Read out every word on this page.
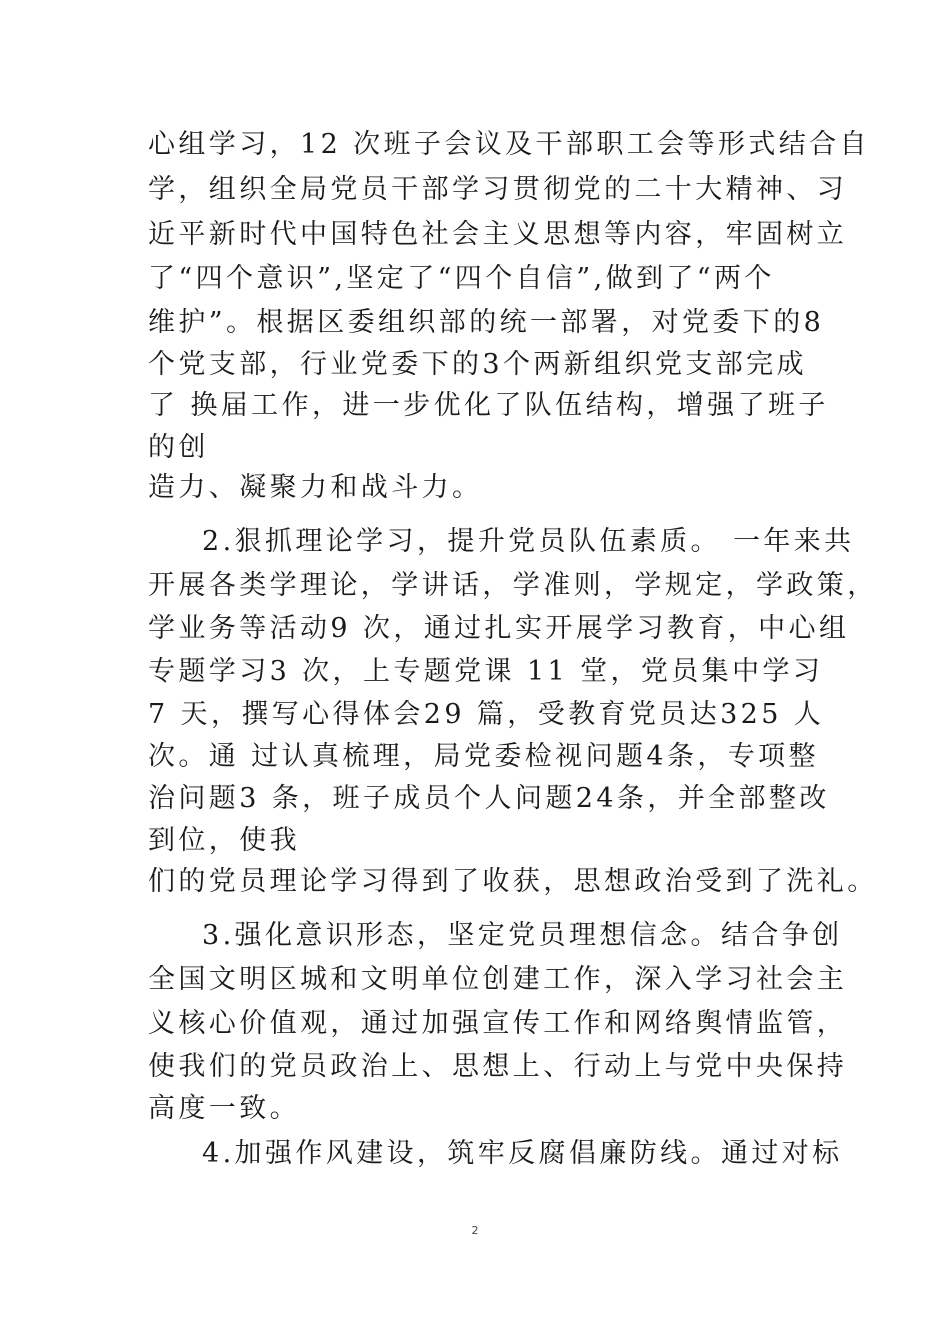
心组学习，12 次班子会议及干部职工会等形式结合自
学，组织全局党员干部学习贯彻党的二十大精神、习
近平新时代中国特色社会主义思想等内容，牢固树立
了“四个意识”,坚定了“四个自信”,做到了“两个
维护”。根据区委组织部的统一部署，对党委下的8
个党支部，行业党委下的3个两新组织党支部完成
了 换届工作，进一步优化了队伍结构，增强了班子
的创
造力、凝聚力和战斗力。
2.狠抓理论学习，提升党员队伍素质。 一年来共
开展各类学理论，学讲话，学准则，学规定，学政策，
学业务等活动9 次，通过扎实开展学习教育，中心组
专题学习3 次，上专题党课 11 堂，党员集中学习
7 天，撰写心得体会29 篇，受教育党员达325 人
次。通 过认真梳理，局党委检视问题4条，专项整
治问题3 条，班子成员个人问题24条，并全部整改
到位，使我
们的党员理论学习得到了收获，思想政治受到了洗礼。
3.强化意识形态，坚定党员理想信念。结合争创
全国文明区城和文明单位创建工作，深入学习社会主
义核心价值观，通过加强宣传工作和网络舆情监管，
使我们的党员政治上、思想上、行动上与党中央保持
高度一致。
4.加强作风建设，筑牢反腐倡廉防线。通过对标
2
